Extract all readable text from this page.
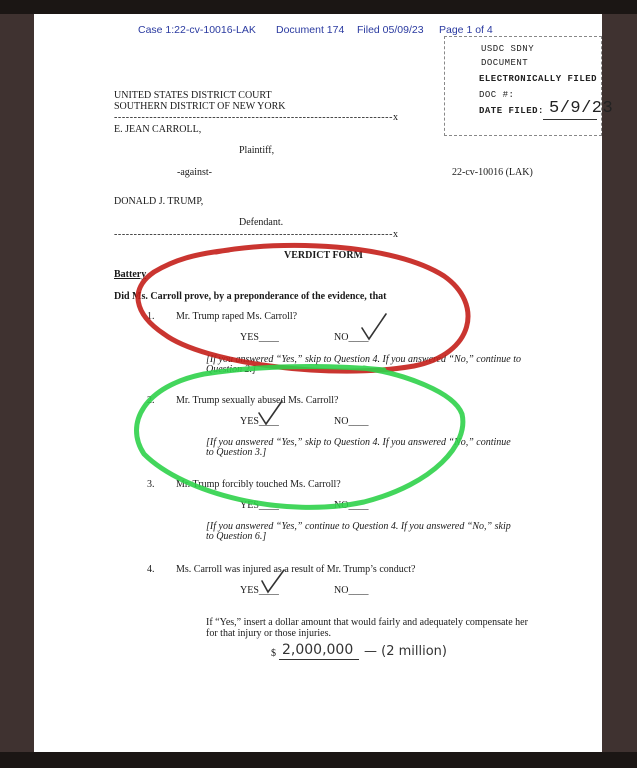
Case 1:22-cv-10016-LAK Document 174 Filed 05/09/23 Page 1 of 4
USDC SDNY
DOCUMENT
ELECTRONICALLY FILED
DOC #:
DATE FILED: 5/9/23
UNITED STATES DISTRICT COURT
SOUTHERN DISTRICT OF NEW YORK
-----------------------------------------------------------------------x
E. JEAN CARROLL,
Plaintiff,
-against-	22-cv-10016 (LAK)
DONALD J. TRUMP,
Defendant.
-----------------------------------------------------------------------x
VERDICT FORM
Battery
Did Ms. Carroll prove, by a preponderance of the evidence, that
1. Mr. Trump raped Ms. Carroll?
YES____	NO____
[If you answered “Yes,” skip to Question 4. If you answered “No,” continue to
Question 2.]
2. Mr. Trump sexually abused Ms. Carroll?
YES____	NO____
[If you answered “Yes,” skip to Question 4. If you answered “No,” continue
to Question 3.]
3. Mr. Trump forcibly touched Ms. Carroll?
YES____	NO____
[If you answered “Yes,” continue to Question 4. If you answered “No,” skip
to Question 6.]
4. Ms. Carroll was injured as a result of Mr. Trump’s conduct?
YES____	NO____
If “Yes,” insert a dollar amount that would fairly and adequately compensate her
for that injury or those injuries.
$ 2,000,000 — (2 million)
